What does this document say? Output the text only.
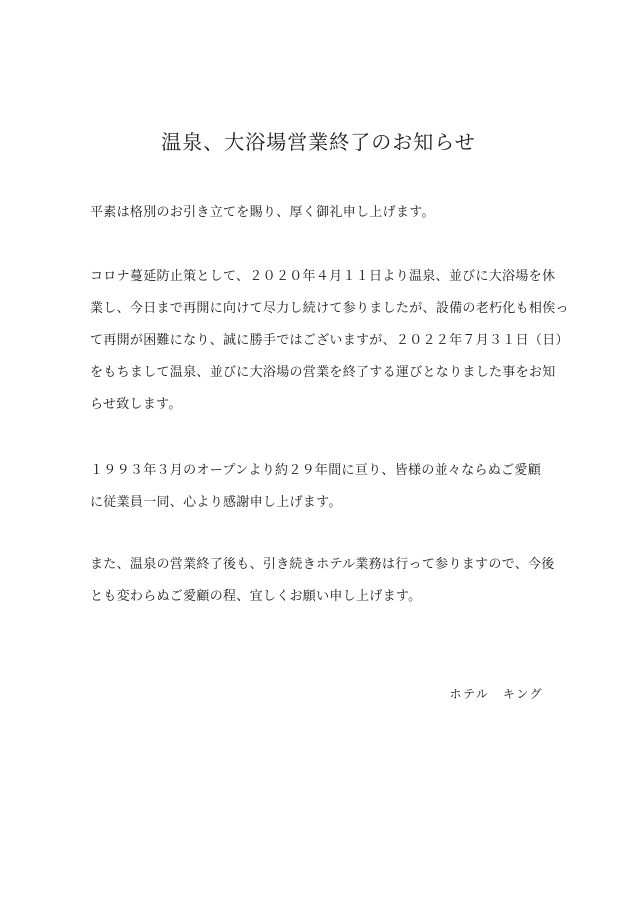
温泉、大浴場営業終了のお知らせ
平素は格別のお引き立てを賜り、厚く御礼申し上げます。
コロナ蔓延防止策として、２０２０年４月１１日より温泉、並びに大浴場を休
業し、今日まで再開に向けて尽力し続けて参りましたが、設備の老朽化も相俟っ
て再開が困難になり、誠に勝手ではございますが、２０２２年７月３１日（日）
をもちまして温泉、並びに大浴場の営業を終了する運びとなりました事をお知
らせ致します。
１９９３年３月のオープンより約２９年間に亘り、皆様の並々ならぬご愛顧
に従業員一同、心より感謝申し上げます。
また、温泉の営業終了後も、引き続きホテル業務は行って参りますので、今後
とも変わらぬご愛顧の程、宜しくお願い申し上げます。
ホテル　キング
